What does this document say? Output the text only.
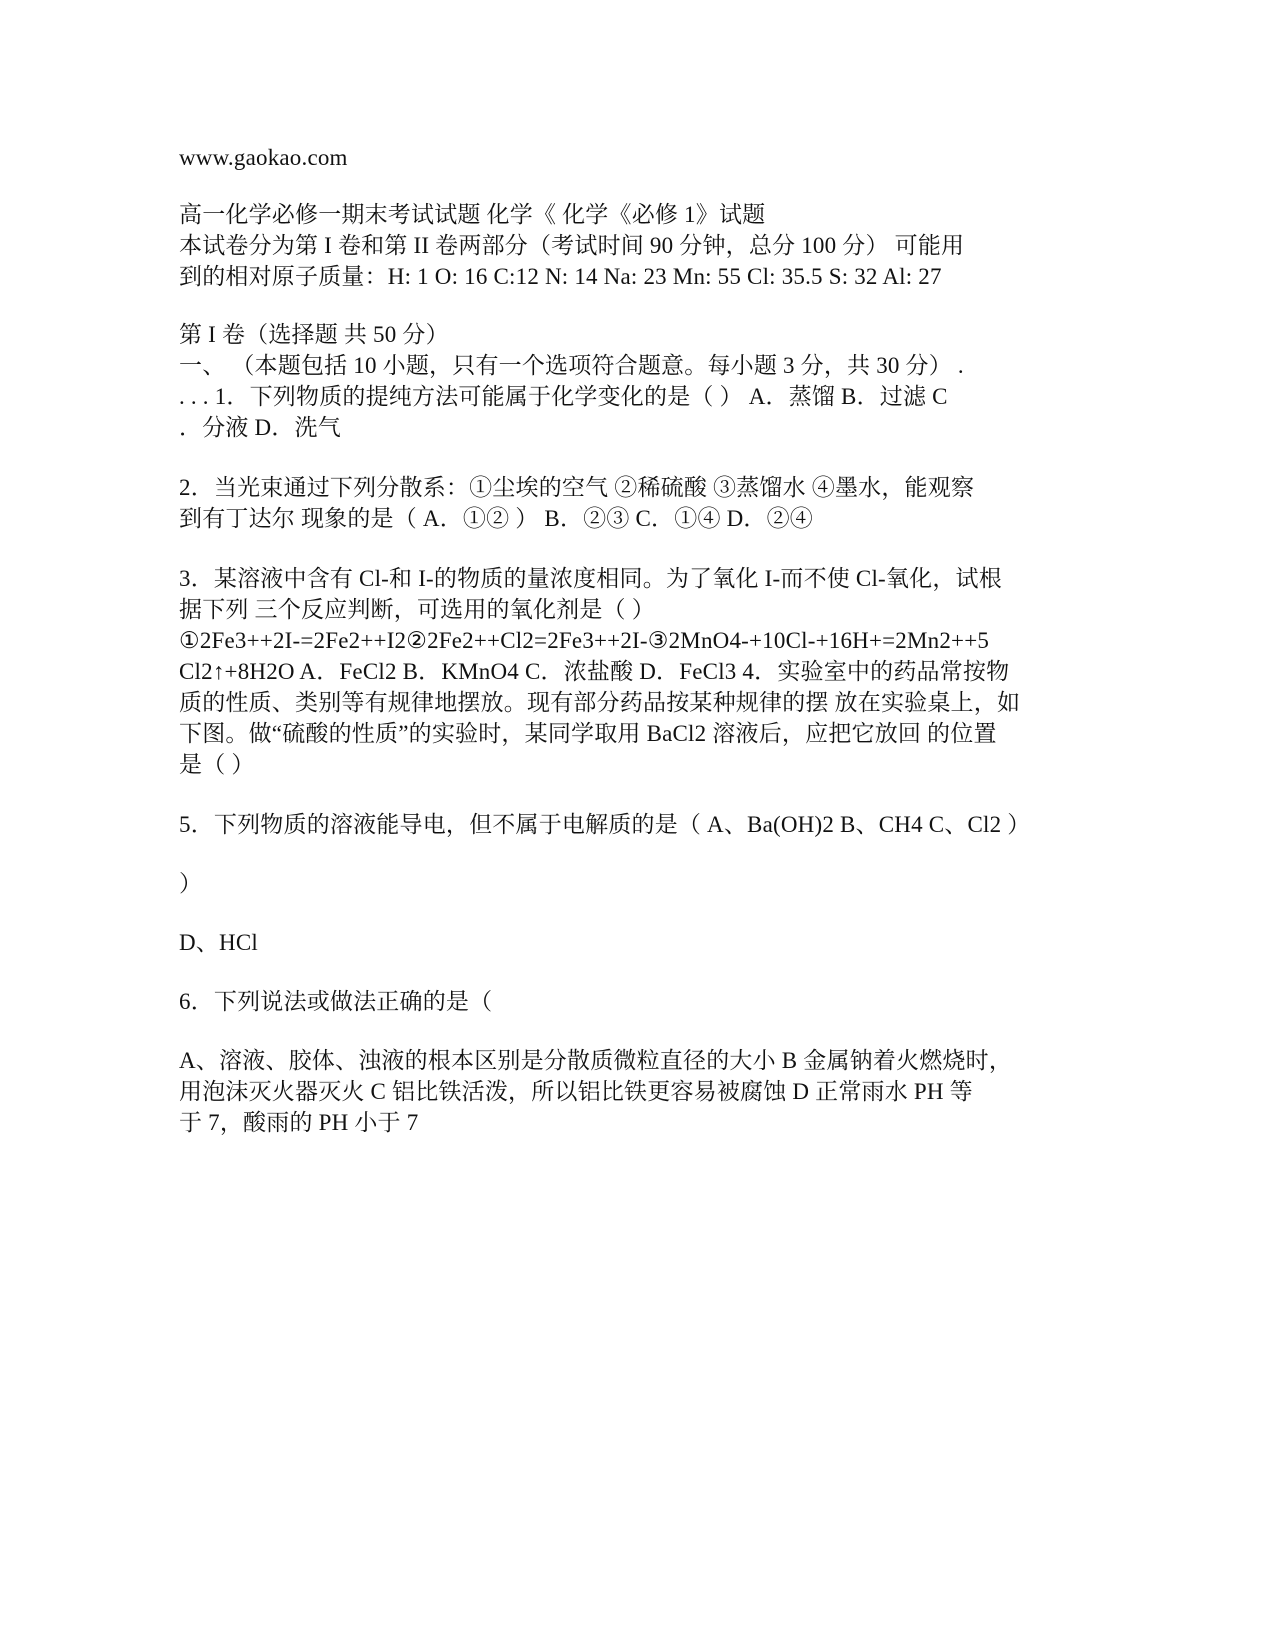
www.gaokao.com
高一化学必修一期末考试试题 化学《 化学《必修 1》试题
本试卷分为第 I 卷和第 II 卷两部分（考试时间 90 分钟，总分 100 分） 可能用
到的相对原子质量：H: 1 O: 16 C:12 N: 14 Na: 23 Mn: 55 Cl: 35.5 S: 32 Al: 27
第 I 卷（选择题 共 50 分）
一、 （本题包括 10 小题，只有一个选项符合题意。每小题 3 分，共 30 分） .
. . . 1．下列物质的提纯方法可能属于化学变化的是（ ） A．蒸馏 B．过滤 C
．分液 D．洗气
2．当光束通过下列分散系：①尘埃的空气 ②稀硫酸 ③蒸馏水 ④墨水，能观察
到有丁达尔 现象的是（ A．①② ） B．②③ C．①④ D．②④
3．某溶液中含有 Cl-和 I-的物质的量浓度相同。为了氧化 I-而不使 Cl-氧化，试根
据下列 三个反应判断，可选用的氧化剂是（ ）
①2Fe3++2I-=2Fe2++I2②2Fe2++Cl2=2Fe3++2I-③2MnO4-+10Cl-+16H+=2Mn2++5
Cl2↑+8H2O A．FeCl2 B．KMnO4 C．浓盐酸 D．FeCl3 4．实验室中的药品常按物
质的性质、类别等有规律地摆放。现有部分药品按某种规律的摆 放在实验桌上，如
下图。做“硫酸的性质”的实验时，某同学取用 BaCl2 溶液后，应把它放回 的位置
是（ ）
5．下列物质的溶液能导电，但不属于电解质的是（ A、Ba(OH)2 B、CH4 C、Cl2 ）
）
D、HCl
6．下列说法或做法正确的是（
A、溶液、胶体、浊液的根本区别是分散质微粒直径的大小 B 金属钠着火燃烧时，
用泡沫灭火器灭火 C 铝比铁活泼，所以铝比铁更容易被腐蚀 D 正常雨水 PH 等
于 7，酸雨的 PH 小于 7
